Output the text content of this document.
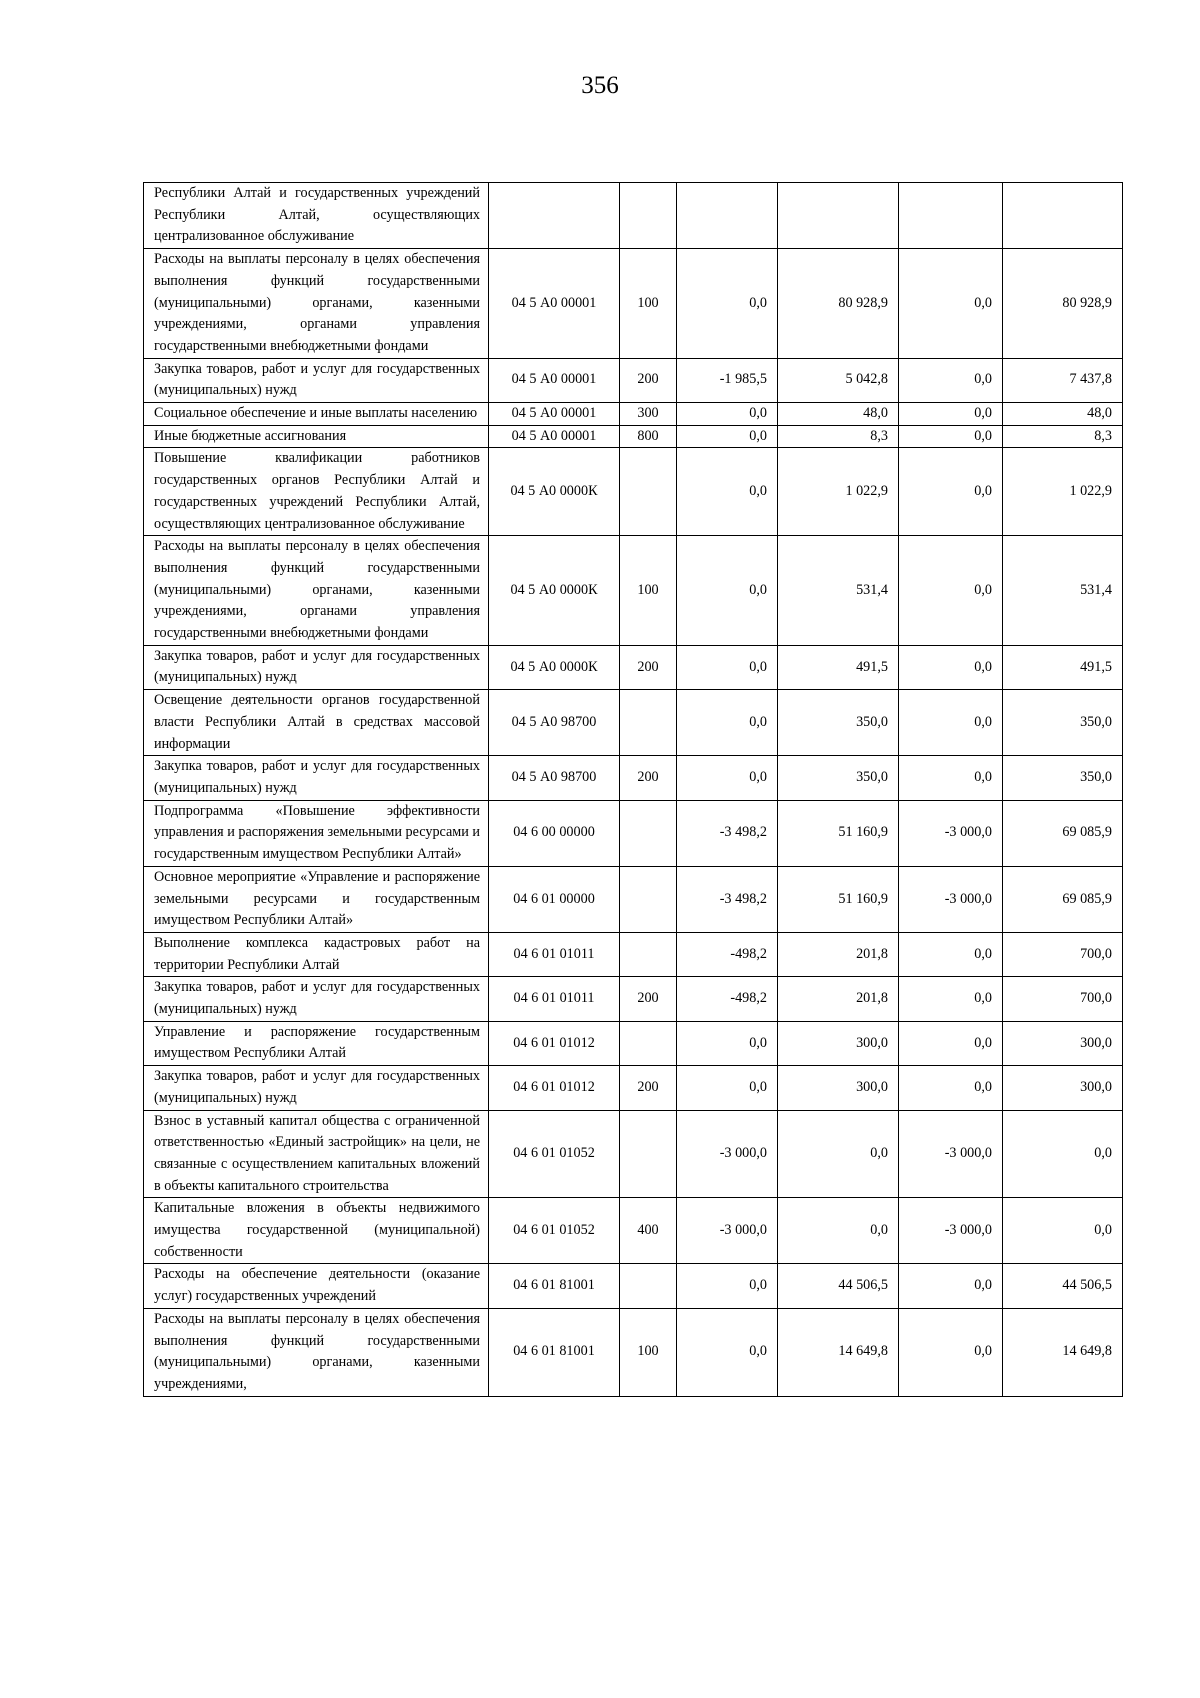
356
Республики Алтай и государственных учреждений Республики Алтай, осуществляющих централизованное обслуживание						
Расходы на выплаты персоналу в целях обеспечения выполнения функций государственными (муниципальными) органами, казенными учреждениями, органами управления государственными внебюджетными фондами	04 5 А0 00001	100	0,0	80 928,9	0,0	80 928,9
Закупка товаров, работ и услуг для государственных (муниципальных) нужд	04 5 А0 00001	200	-1 985,5	5 042,8	0,0	7 437,8
Социальное обеспечение и иные выплаты населению	04 5 А0 00001	300	0,0	48,0	0,0	48,0
Иные бюджетные ассигнования	04 5 А0 00001	800	0,0	8,3	0,0	8,3
Повышение квалификации работников государственных органов Республики Алтай и государственных учреждений Республики Алтай, осуществляющих централизованное обслуживание	04 5 А0 0000К		0,0	1 022,9	0,0	1 022,9
Расходы на выплаты персоналу в целях обеспечения выполнения функций государственными (муниципальными) органами, казенными учреждениями, органами управления государственными внебюджетными фондами	04 5 А0 0000К	100	0,0	531,4	0,0	531,4
Закупка товаров, работ и услуг для государственных (муниципальных) нужд	04 5 А0 0000К	200	0,0	491,5	0,0	491,5
Освещение деятельности органов государственной власти Республики Алтай в средствах массовой информации	04 5 А0 98700		0,0	350,0	0,0	350,0
Закупка товаров, работ и услуг для государственных (муниципальных) нужд	04 5 А0 98700	200	0,0	350,0	0,0	350,0
Подпрограмма «Повышение эффективности управления и распоряжения земельными ресурсами и государственным имуществом Республики Алтай»	04 6 00 00000		-3 498,2	51 160,9	-3 000,0	69 085,9
Основное мероприятие «Управление и распоряжение земельными ресурсами и государственным имуществом Республики Алтай»	04 6 01 00000		-3 498,2	51 160,9	-3 000,0	69 085,9
Выполнение комплекса кадастровых работ на территории Республики Алтай	04 6 01 01011		-498,2	201,8	0,0	700,0
Закупка товаров, работ и услуг для государственных (муниципальных) нужд	04 6 01 01011	200	-498,2	201,8	0,0	700,0
Управление и распоряжение государственным имуществом Республики Алтай	04 6 01 01012		0,0	300,0	0,0	300,0
Закупка товаров, работ и услуг для государственных (муниципальных) нужд	04 6 01 01012	200	0,0	300,0	0,0	300,0
Взнос в уставный капитал общества с ограниченной ответственностью «Единый застройщик» на цели, не связанные с осуществлением капитальных вложений в объекты капитального строительства	04 6 01 01052		-3 000,0	0,0	-3 000,0	0,0
Капитальные вложения в объекты недвижимого имущества государственной (муниципальной) собственности	04 6 01 01052	400	-3 000,0	0,0	-3 000,0	0,0
Расходы на обеспечение деятельности (оказание услуг) государственных учреждений	04 6 01 81001		0,0	44 506,5	0,0	44 506,5
Расходы на выплаты персоналу в целях обеспечения выполнения функций государственными (муниципальными) органами, казенными учреждениями,	04 6 01 81001	100	0,0	14 649,8	0,0	14 649,8
